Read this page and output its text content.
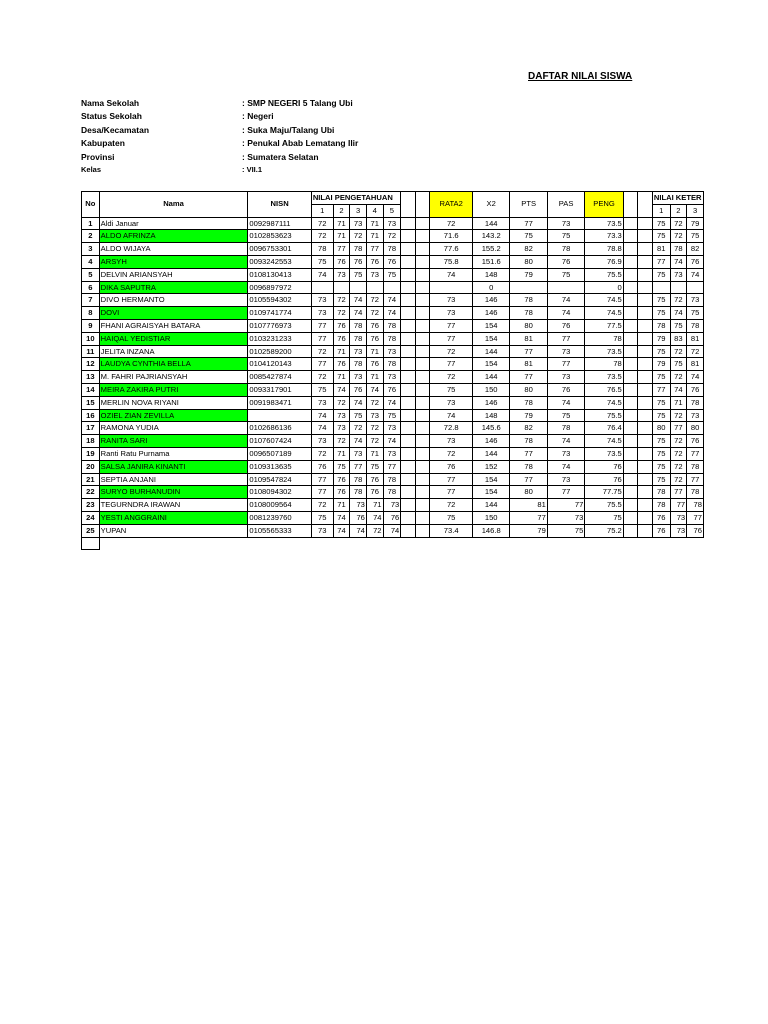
DAFTAR NILAI SISWA
Nama Sekolah	: SMP NEGERI 5 Talang Ubi
Status Sekolah	: Negeri
Desa/Kecamatan	: Suka Maju/Talang Ubi
Kabupaten	: Penukal Abab Lematang Ilir
Provinsi	: Sumatera Selatan
Kelas	: VII.1
No	Nama	NISN	NILAI PENGETAHUAN							RATA2	X2	PTS	PAS	PENG			NILAI KETER		
			1	2	3	4	5										1	2	3
1	Aldi Januar	0092987111	72	71	73	71	73			72	144	77	73	73.5			75	72	79
2	ALDO AFRINZA	0102853623	72	71	72	71	72			71.6	143.2	75	75	73.3			75	72	75
3	ALDO WIJAYA	0096753301	78	77	78	77	78			77.6	155.2	82	78	78.8			81	78	82
4	ARSYH	0093242553	75	76	76	76	76			75.8	151.6	80	76	76.9			77	74	76
5	DELVIN ARIANSYAH	0108130413	74	73	75	73	75			74	148	79	75	75.5			75	73	74
6	DIKA SAPUTRA	0096897972									0			0					
7	DIVO HERMANTO	0105594302	73	72	74	72	74			73	146	78	74	74.5			75	72	73
8	DOVI	0109741774	73	72	74	72	74			73	146	78	74	74.5			75	74	75
9	FHANI AGRAISYAH BATARA	0107776973	77	76	78	76	78			77	154	80	76	77.5			78	75	78
10	HAIQAL YEDISTIAR	0103231233	77	76	78	76	78			77	154	81	77	78			79	83	81
11	JELITA INZANA	0102589200	72	71	73	71	73			72	144	77	73	73.5			75	72	72
12	LAUDYA CYNTHIA BELLA	0104120143	77	76	78	76	78			77	154	81	77	78			79	75	81
13	M. FAHRI PAJRIANSYAH	0085427874	72	71	73	71	73			72	144	77	73	73.5			75	72	74
14	MEIRA ZAKIRA PUTRI	0093317901	75	74	76	74	76			75	150	80	76	76.5			77	74	76
15	MERLIN NOVA RIYANI	0091983471	73	72	74	72	74			73	146	78	74	74.5			75	71	78
16	OZIEL ZIAN ZEVILLA		74	73	75	73	75			74	148	79	75	75.5			75	72	73
17	RAMONA YUDIA	0102686136	74	73	72	72	73			72.8	145.6	82	78	76.4			80	77	80
18	RANITA SARI	0107607424	73	72	74	72	74			73	146	78	74	74.5			75	72	76
19	Ranti Ratu Purnama	0096507189	72	71	73	71	73			72	144	77	73	73.5			75	72	77
20	SALSA JANIRA KINANTI	0109313635	76	75	77	75	77			76	152	78	74	76			75	72	78
21	SEPTIA ANJANI	0109547824	77	76	78	76	78			77	154	77	73	76			75	72	77
22	SURYO BURHANUDIN	0108094302	77	76	78	76	78			77	154	80	77	77.75			78	77	78
23	TEGURNDRA IRAWAN	0108009564	72	71	73	71	73			72	144	81	77	75.5			78	77	78
24	YESTI ANGGRAINI	0081239760	75	74	76	74	76			75	150	77	73	75			76	73	77
25	YUPAN	0105565333	73	74	74	72	74			73.4	146.8	79	75	75.2			76	73	76
